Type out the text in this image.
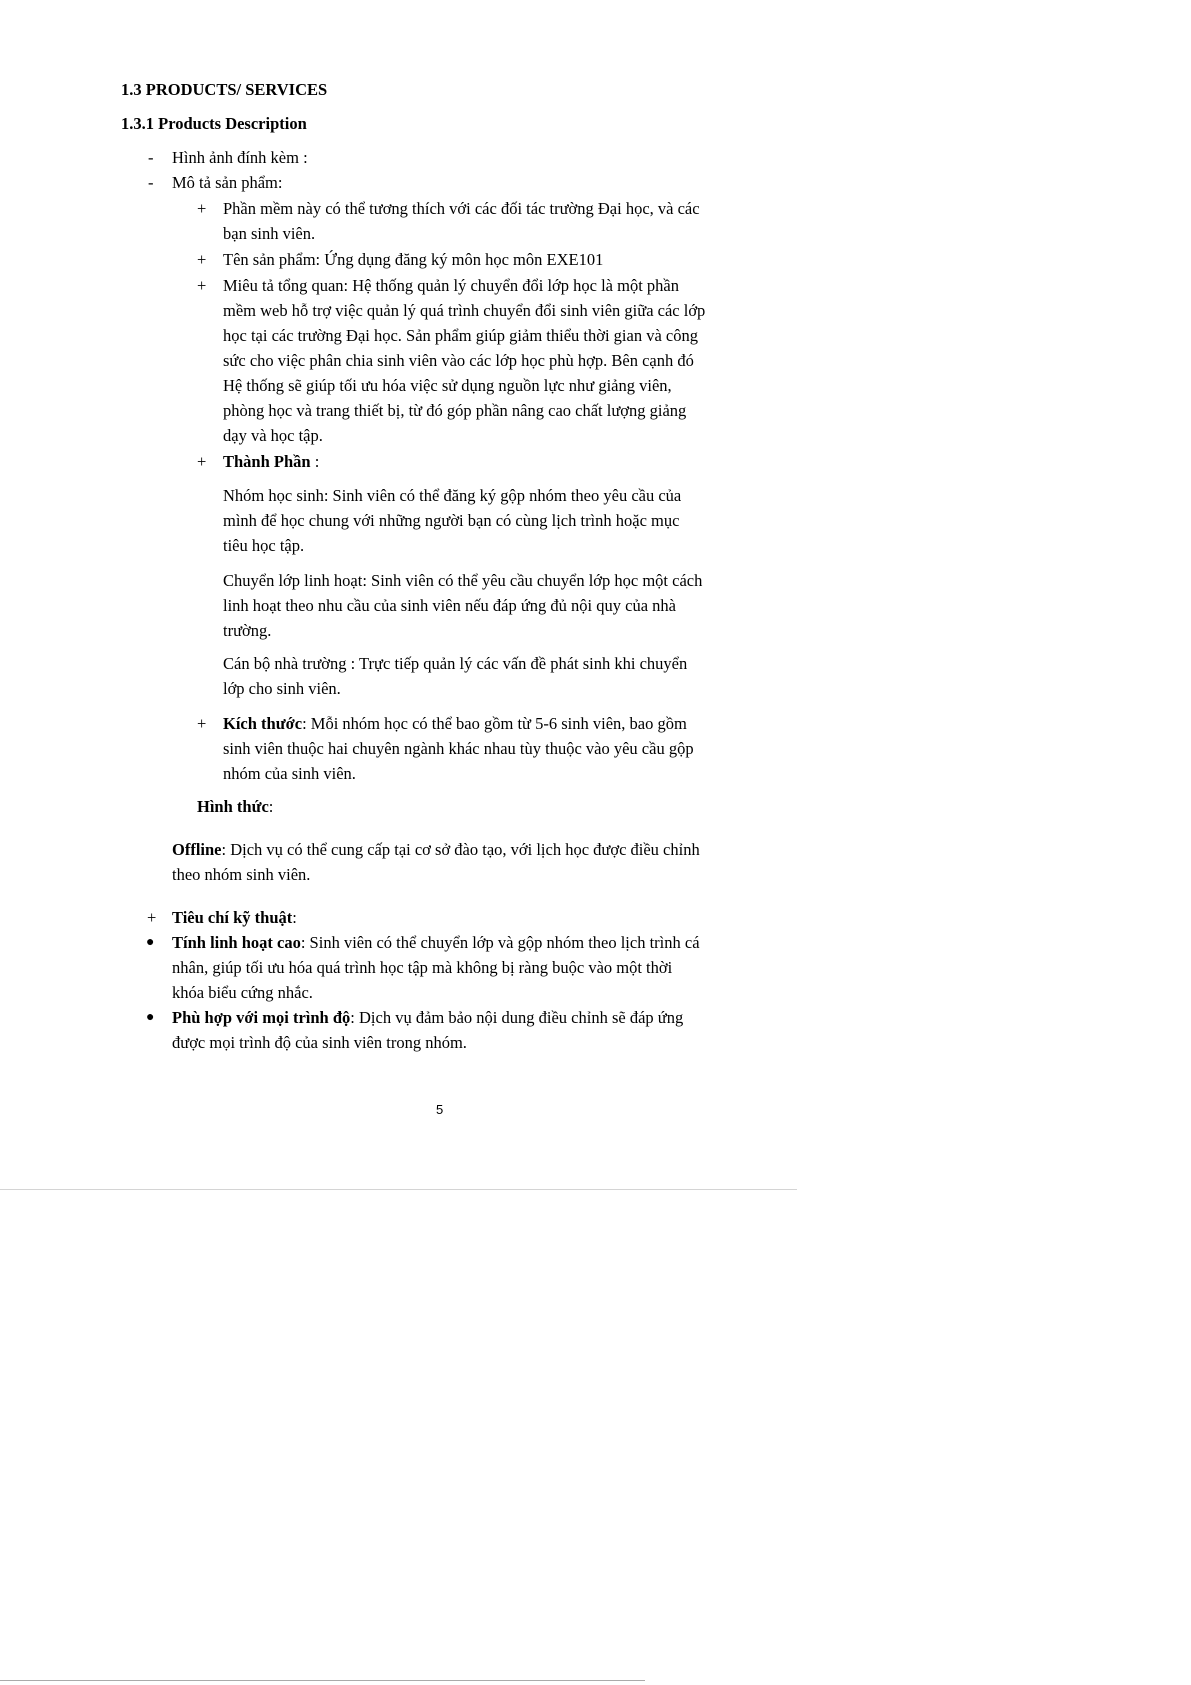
1.3 PRODUCTS/ SERVICES
1.3.1 Products Description
- Hình ảnh đính kèm :
- Mô tả sản phẩm:
+ Phần mềm này có thể tương thích với các đối tác trường Đại học, và các
bạn sinh viên.
+ Tên sản phẩm: Ứng dụng đăng ký môn học môn EXE101
+ Miêu tả tổng quan: Hệ thống quản lý chuyển đổi lớp học là một phần
mềm web hỗ trợ việc quản lý quá trình chuyển đổi sinh viên giữa các lớp
học tại các trường Đại học. Sản phẩm giúp giảm thiểu thời gian và công
sức cho việc phân chia sinh viên vào các lớp học phù hợp. Bên cạnh đó
Hệ thống sẽ giúp tối ưu hóa việc sử dụng nguồn lực như giảng viên,
phòng học và trang thiết bị, từ đó góp phần nâng cao chất lượng giảng
dạy và học tập.
+ Thành Phần :
Nhóm học sinh: Sinh viên có thể đăng ký gộp nhóm theo yêu cầu của
mình để học chung với những người bạn có cùng lịch trình hoặc mục
tiêu học tập.
Chuyển lớp linh hoạt: Sinh viên có thể yêu cầu chuyển lớp học một cách
linh hoạt theo nhu cầu của sinh viên nếu đáp ứng đủ nội quy của nhà
trường.
Cán bộ nhà trường : Trực tiếp quản lý các vấn đề phát sinh khi chuyển
lớp cho sinh viên.
+ Kích thước: Mỗi nhóm học có thể bao gồm từ 5-6 sinh viên, bao gồm
sinh viên thuộc hai chuyên ngành khác nhau tùy thuộc vào yêu cầu gộp
nhóm của sinh viên.
Hình thức:
Offline: Dịch vụ có thể cung cấp tại cơ sở đào tạo, với lịch học được điều chỉnh
theo nhóm sinh viên.
+ Tiêu chí kỹ thuật:
● Tính linh hoạt cao: Sinh viên có thể chuyển lớp và gộp nhóm theo lịch trình cá
nhân, giúp tối ưu hóa quá trình học tập mà không bị ràng buộc vào một thời
khóa biểu cứng nhắc.
● Phù hợp với mọi trình độ: Dịch vụ đảm bảo nội dung điều chỉnh sẽ đáp ứng
được mọi trình độ của sinh viên trong nhóm.
5
